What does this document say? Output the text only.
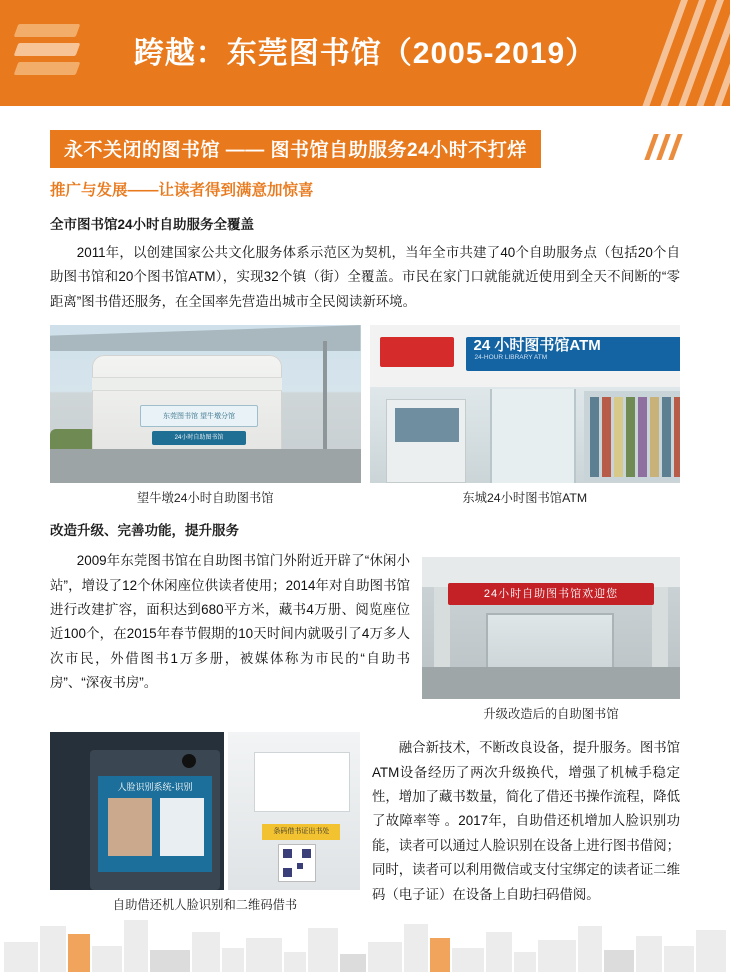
跨越：东莞图书馆（2005-2019）
永不关闭的图书馆 —— 图书馆自助服务24小时不打烊
推广与发展——让读者得到满意加惊喜
全市图书馆24小时自助服务全覆盖

2011年，以创建国家公共文化服务体系示范区为契机，当年全市共建了40个自助服务点（包括20个自助图书馆和20个图书馆ATM），实现32个镇（街）全覆盖。市民在家门口就能就近使用到全天不间断的“零距离”图书借还服务，在全国率先营造出城市全民阅读新环境。

东莞图书馆 望牛墩分馆
24小时自助图书馆
望牛墩24小时自助图书馆
24 小时图书馆ATM
24-HOUR LIBRARY ATM
东城24小时图书馆ATM
改造升级、完善功能，提升服务

2009年东莞图书馆在自助图书馆门外附近开辟了“休闲小站”，增设了12个休闲座位供读者使用；2014年对自助图书馆进行改建扩容，面积达到680平方米，藏书4万册、阅览座位近100个，在2015年春节假期的10天时间内就吸引了4万多人次市民，外借图书1万多册，被媒体称为市民的“自助书房”、“深夜书房”。

24小时自助图书馆欢迎您
升级改造后的自助图书馆
人脸识别系统-识别
条码借书证出书处
自助借还机人脸识别和二维码借书

融合新技术，不断改良设备，提升服务。图书馆ATM设备经历了两次升级换代，增强了机械手稳定性，增加了藏书数量，简化了借还书操作流程，降低了故障率等 。2017年，自助借还机增加人脸识别功能，读者可以通过人脸识别在设备上进行图书借阅；同时，读者可以利用微信或支付宝绑定的读者证二维码（电子证）在设备上自助扫码借阅。
